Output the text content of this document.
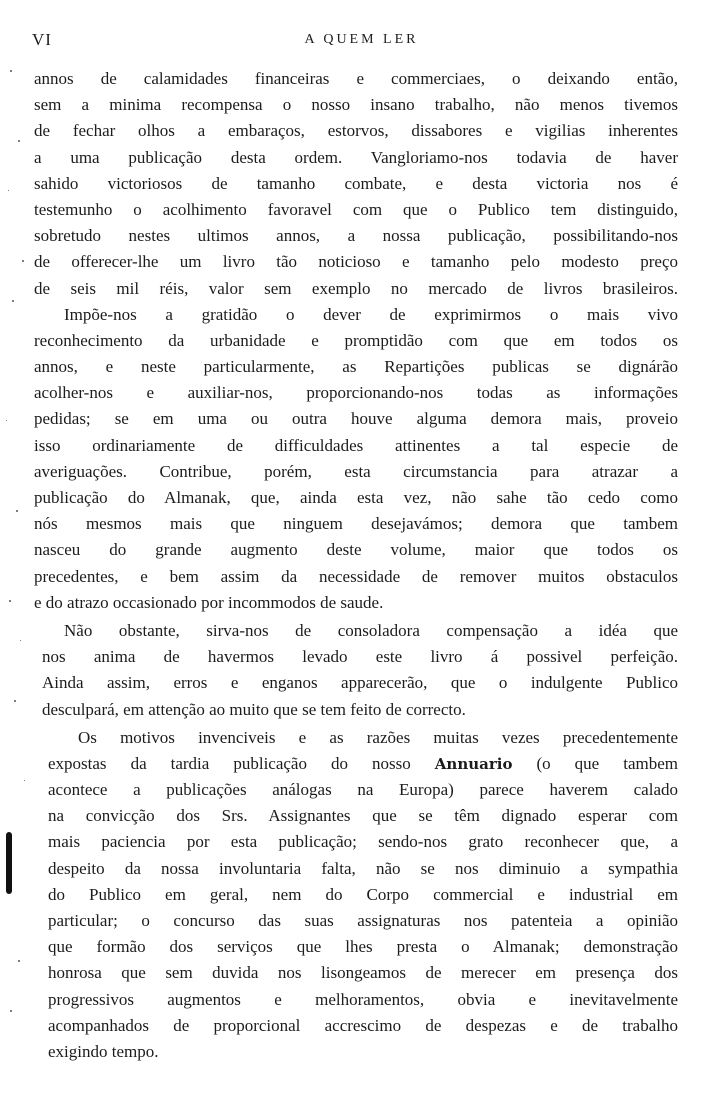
VI	A QUEM LER
annos de calamidades financeiras e commerciaes, o deixando então,
sem a minima recompensa o nosso insano trabalho, não menos tivemos
de fechar olhos a embaraços, estorvos, dissabores e vigilias inherentes
a uma publicação desta ordem. Vangloriamo-nos todavia de haver
sahido victoriosos de tamanho combate, e desta victoria nos é
testemunho o acolhimento favoravel com que o Publico tem distinguido,
sobretudo nestes ultimos annos, a nossa publicação, possibilitando-nos
de offerecer-lhe um livro tão noticioso e tamanho pelo modesto preço
de seis mil réis, valor sem exemplo no mercado de livros brasileiros.
Impõe-nos a gratidão o dever de exprimirmos o mais vivo
reconhecimento da urbanidade e promptidão com que em todos os
annos, e neste particularmente, as Repartições publicas se dignárão
acolher-nos e auxiliar-nos, proporcionando-nos todas as informações
pedidas; se em uma ou outra houve alguma demora mais, proveio
isso ordinariamente de difficuldades attinentes a tal especie de
averiguações. Contribue, porém, esta circumstancia para atrazar a
publicação do Almanak, que, ainda esta vez, não sahe tão cedo como
nós mesmos mais que ninguem desejavámos; demora que tambem
nasceu do grande augmento deste volume, maior que todos os
precedentes, e bem assim da necessidade de remover muitos obstaculos
e do atrazo occasionado por incommodos de saude.
Não obstante, sirva-nos de consoladora compensação a idéa que
nos anima de havermos levado este livro á possivel perfeição.
Ainda assim, erros e enganos apparecerão, que o indulgente Publico
desculpará, em attenção ao muito que se tem feito de correcto.
Os motivos invenciveis e as razões muitas vezes precedentemente
expostas da tardia publicação do nosso Annuario (o que tambem
acontece a publicações análogas na Europa) parece haverem calado
na convicção dos Srs. Assignantes que se têm dignado esperar com
mais paciencia por esta publicação; sendo-nos grato reconhecer que, a
despeito da nossa involuntaria falta, não se nos diminuio a sympathia
do Publico em geral, nem do Corpo commercial e industrial em
particular; o concurso das suas assignaturas nos patenteia a opinião
que formão dos serviços que lhes presta o Almanak; demonstração
honrosa que sem duvida nos lisongeamos de merecer em presença dos
progressivos augmentos e melhoramentos, obvia e inevitavelmente
acompanhados de proporcional accrescimo de despezas e de trabalho
exigindo tempo.
